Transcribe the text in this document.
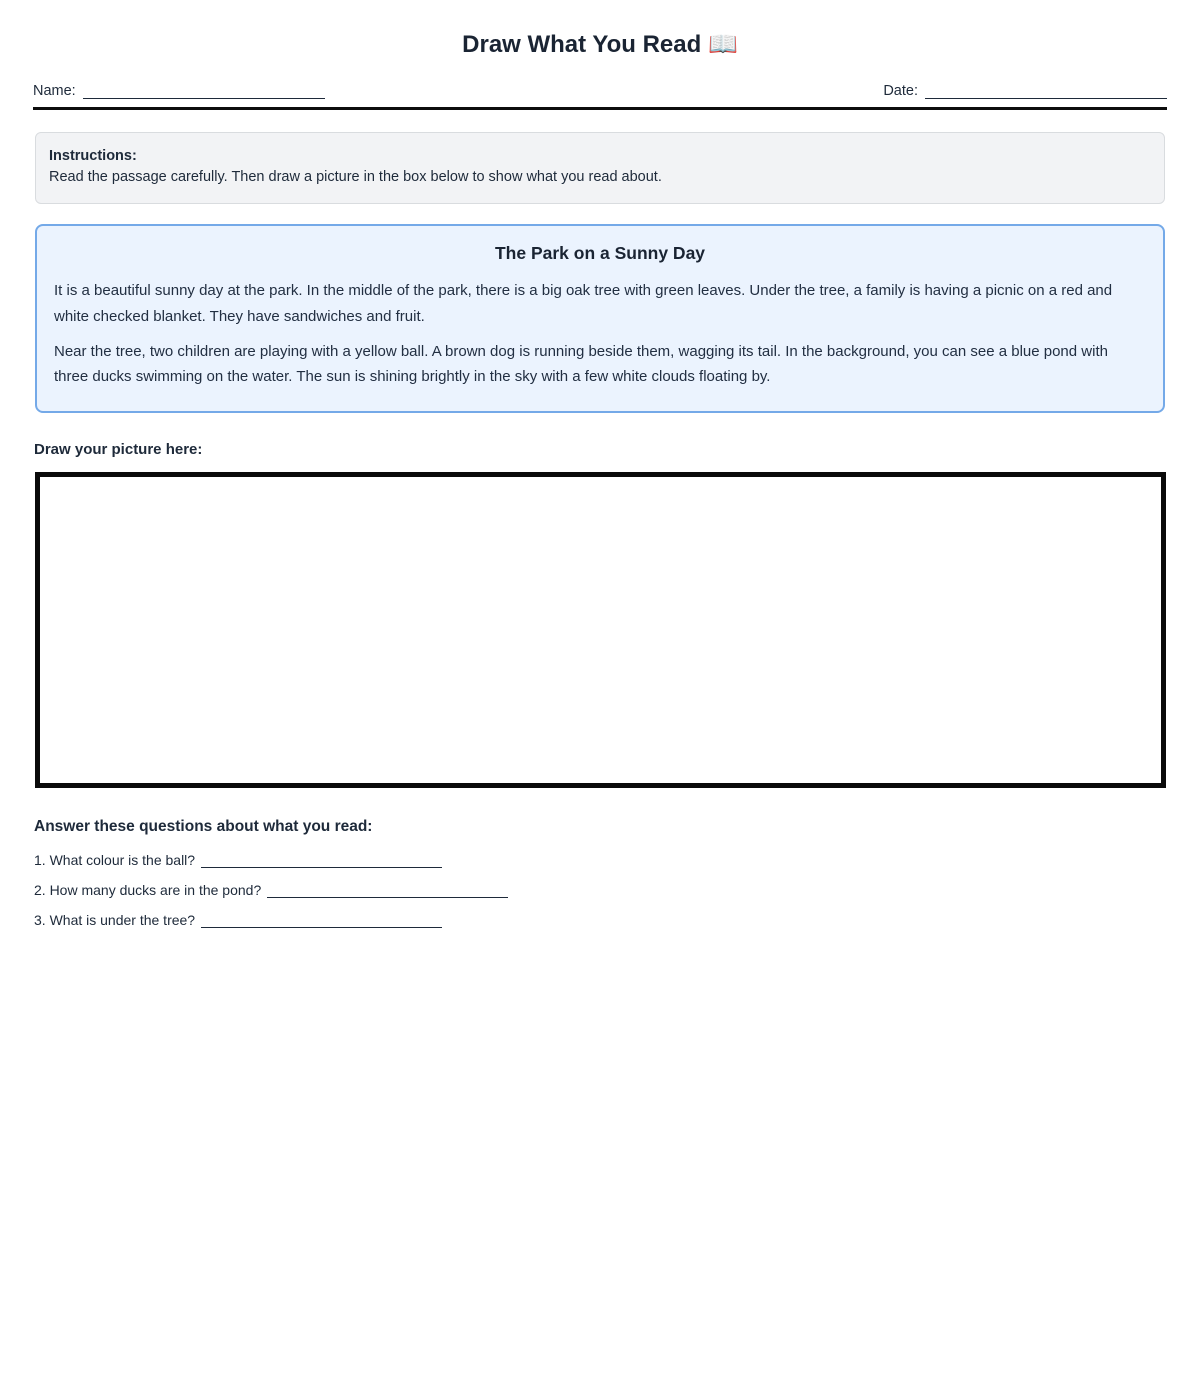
Draw What You Read 📖
Name:	Date:
Instructions:
Read the passage carefully. Then draw a picture in the box below to show what you read about.
The Park on a Sunny Day

It is a beautiful sunny day at the park. In the middle of the park, there is a big oak tree with green leaves. Under the tree, a family is having a picnic on a red and white checked blanket. They have sandwiches and fruit.

Near the tree, two children are playing with a yellow ball. A brown dog is running beside them, wagging its tail. In the background, you can see a blue pond with three ducks swimming on the water. The sun is shining brightly in the sky with a few white clouds floating by.

Draw your picture here:
Answer these questions about what you read:
1. What colour is the ball?
2. How many ducks are in the pond?
3. What is under the tree?
